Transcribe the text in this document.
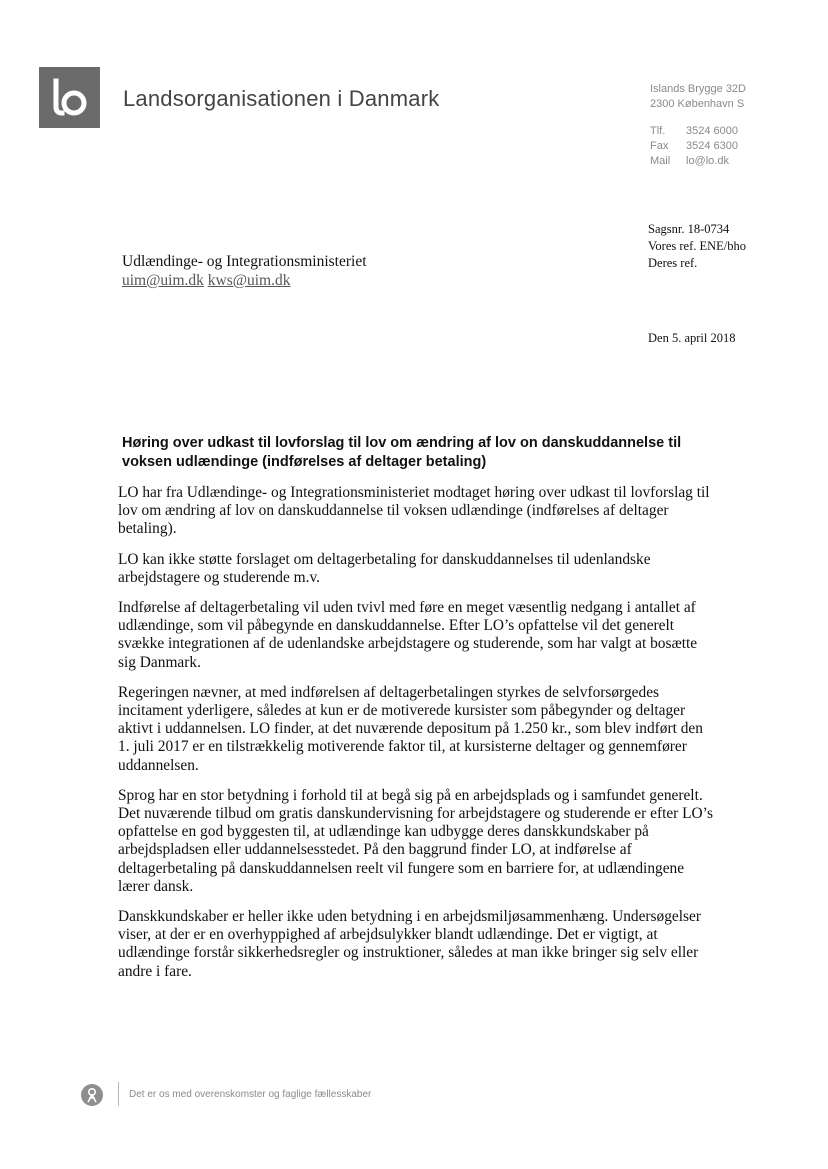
Landsorganisationen i Danmark	Islands Brygge 32D
2300 København S
Tlf. 3524 6000
Fax 3524 6300
Mail lo@lo.dk
Sagsnr. 18-0734
Vores ref. ENE/bho
Deres ref.
Udlændinge- og Integrationsministeriet
uim@uim.dk kws@uim.dk
Den 5. april 2018
Høring over udkast til lovforslag til lov om ændring af lov on danskuddannelse til voksen udlændinge (indførelses af deltager betaling)

LO har fra Udlændinge- og Integrationsministeriet modtaget høring over udkast til lovforslag til lov om ændring af lov on danskuddannelse til voksen udlændinge (indførelses af deltager betaling).

LO kan ikke støtte forslaget om deltagerbetaling for danskuddannelses til udenlandske arbejdstagere og studerende m.v.

Indførelse af deltagerbetaling vil uden tvivl med føre en meget væsentlig nedgang i antallet af udlændinge, som vil påbegynde en danskuddannelse. Efter LO’s opfattelse vil det generelt svække integrationen af de udenlandske arbejdstagere og studerende, som har valgt at bosætte sig Danmark.

Regeringen nævner, at med indførelsen af deltagerbetalingen styrkes de selvforsørgedes incitament yderligere, således at kun er de motiverede kursister som påbegynder og deltager aktivt i uddannelsen. LO finder, at det nuværende depositum på 1.250 kr., som blev indført den 1. juli 2017 er en tilstrækkelig motiverende faktor til, at kursisterne deltager og gennemfører uddannelsen.

Sprog har en stor betydning i forhold til at begå sig på en arbejdsplads og i samfundet generelt. Det nuværende tilbud om gratis danskundervisning for arbejdstagere og studerende er efter LO’s opfattelse en god byggesten til, at udlændinge kan udbygge deres danskkundskaber på arbejdspladsen eller uddannelsesstedet. På den baggrund finder LO, at indførelse af deltagerbetaling på danskuddannelsen reelt vil fungere som en barriere for, at udlændingene lærer dansk.

Danskkundskaber er heller ikke uden betydning i en arbejdsmiljøsammenhæng. Undersøgelser viser, at der er en overhyppighed af arbejdsulykker blandt udlændinge. Det er vigtigt, at udlændinge forstår sikkerhedsregler og instruktioner, således at man ikke bringer sig selv eller andre i fare.

Det er os med overenskomster og faglige fællesskaber
